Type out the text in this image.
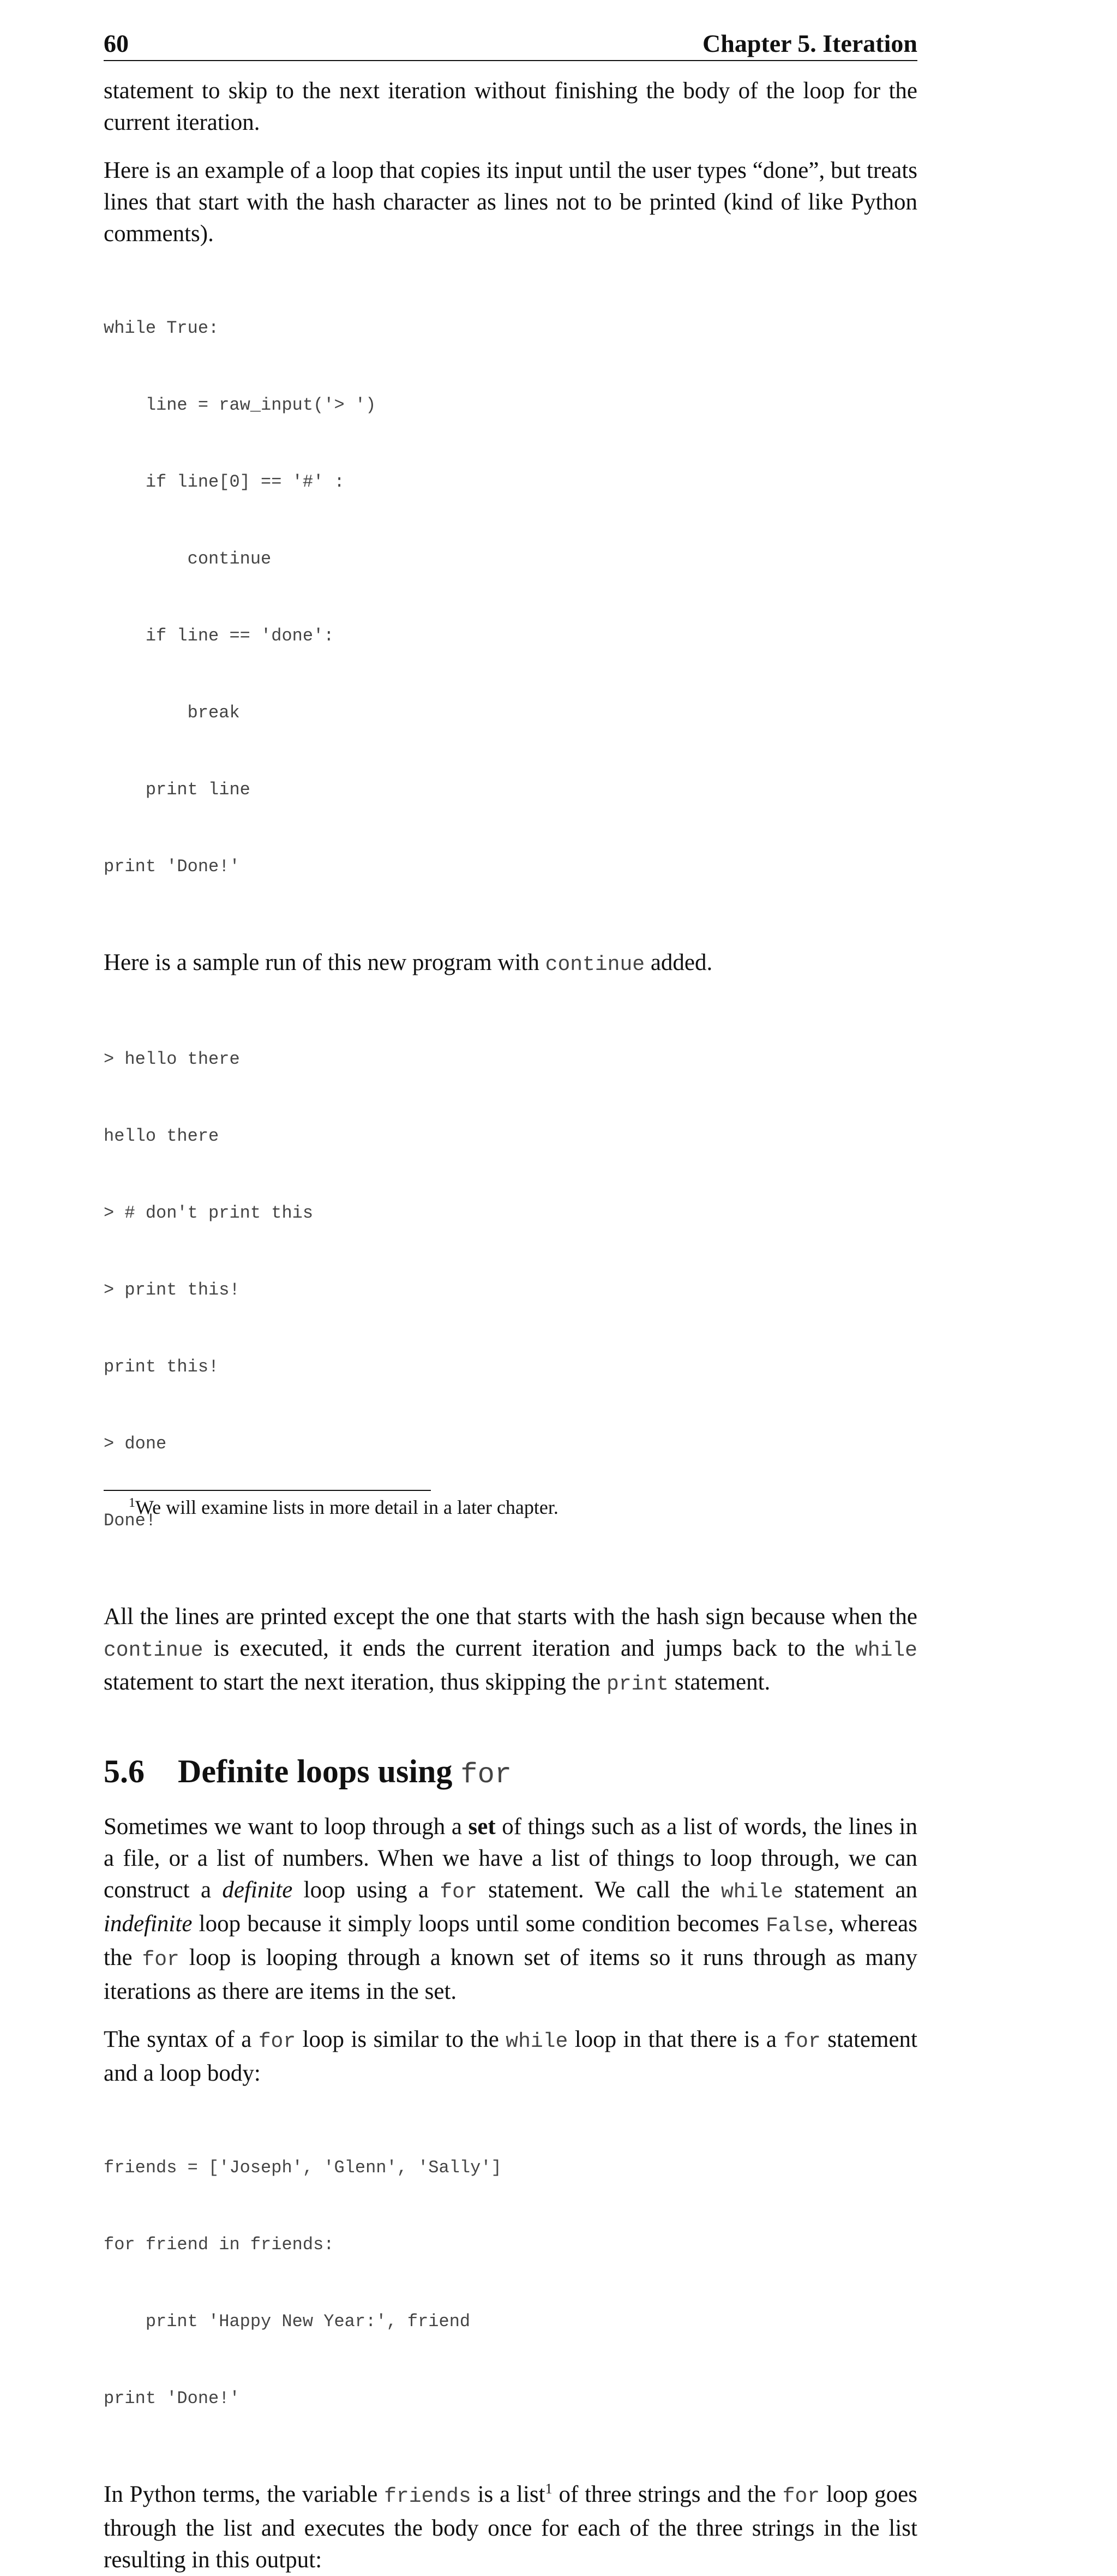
60	Chapter 5. Iteration

statement to skip to the next iteration without finishing the body of the loop for the current iteration.

Here is an example of a loop that copies its input until the user types “done”, but treats lines that start with the hash character as lines not to be printed (kind of like Python comments).

while True:

line = raw_input('> ')

if line[0] == '#' :

continue

if line == 'done':

break

print line

print 'Done!'

Here is a sample run of this new program with continue added.

> hello there

hello there

> # don't print this

> print this!

print this!

> done

Done!

All the lines are printed except the one that starts with the hash sign because when the continue is executed, it ends the current iteration and jumps back to the while statement to start the next iteration, thus skipping the print statement.

5.6 Definite loops using for

Sometimes we want to loop through a set of things such as a list of words, the lines in a file, or a list of numbers. When we have a list of things to loop through, we can construct a definite loop using a for statement. We call the while statement an indefinite loop because it simply loops until some condition becomes False, whereas the for loop is looping through a known set of items so it runs through as many iterations as there are items in the set.

The syntax of a for loop is similar to the while loop in that there is a for statement and a loop body:

friends = ['Joseph', 'Glenn', 'Sally']

for friend in friends:

print 'Happy New Year:', friend

print 'Done!'

In Python terms, the variable friends is a list$^1$ of three strings and the for loop goes through the list and executes the body once for each of the three strings in the list resulting in this output:

$^1$We will examine lists in more detail in a later chapter.
